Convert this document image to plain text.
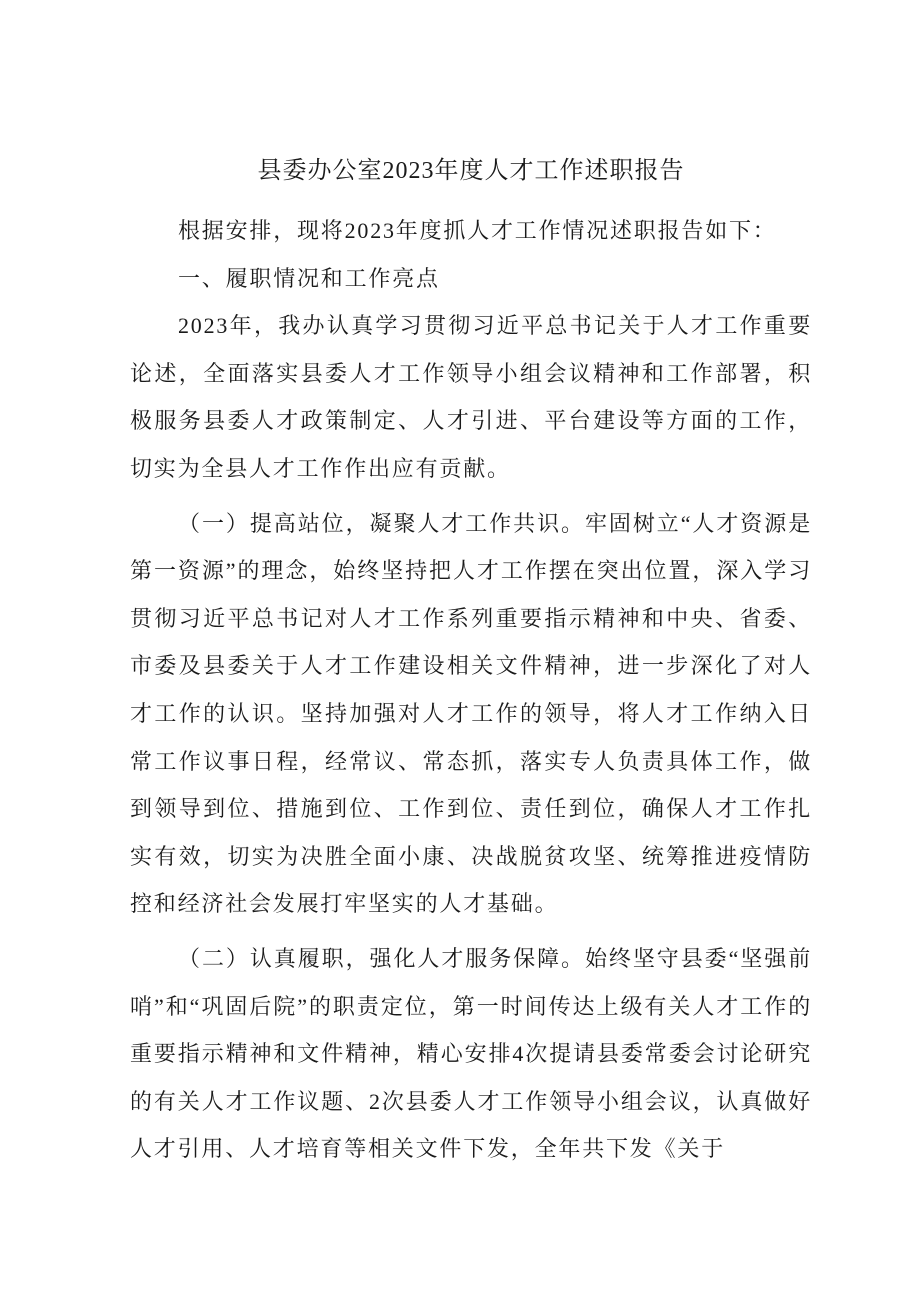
县委办公室2023年度人才工作述职报告

根据安排，现将2023年度抓人才工作情况述职报告如下：

一、履职情况和工作亮点

2023年，我办认真学习贯彻习近平总书记关于人才工作重要论述，全面落实县委人才工作领导小组会议精神和工作部署，积极服务县委人才政策制定、人才引进、平台建设等方面的工作，切实为全县人才工作作出应有贡献。

（一）提高站位，凝聚人才工作共识。牢固树立“人才资源是第一资源”的理念，始终坚持把人才工作摆在突出位置，深入学习贯彻习近平总书记对人才工作系列重要指示精神和中央、省委、市委及县委关于人才工作建设相关文件精神，进一步深化了对人才工作的认识。坚持加强对人才工作的领导，将人才工作纳入日常工作议事日程，经常议、常态抓，落实专人负责具体工作，做到领导到位、措施到位、工作到位、责任到位，确保人才工作扎实有效，切实为决胜全面小康、决战脱贫攻坚、统筹推进疫情防控和经济社会发展打牢坚实的人才基础。

（二）认真履职，强化人才服务保障。始终坚守县委“坚强前哨”和“巩固后院”的职责定位，第一时间传达上级有关人才工作的重要指示精神和文件精神，精心安排4次提请县委常委会讨论研究的有关人才工作议题、2次县委人才工作领导小组会议，认真做好人才引用、人才培育等相关文件下发，全年共下发《关于
